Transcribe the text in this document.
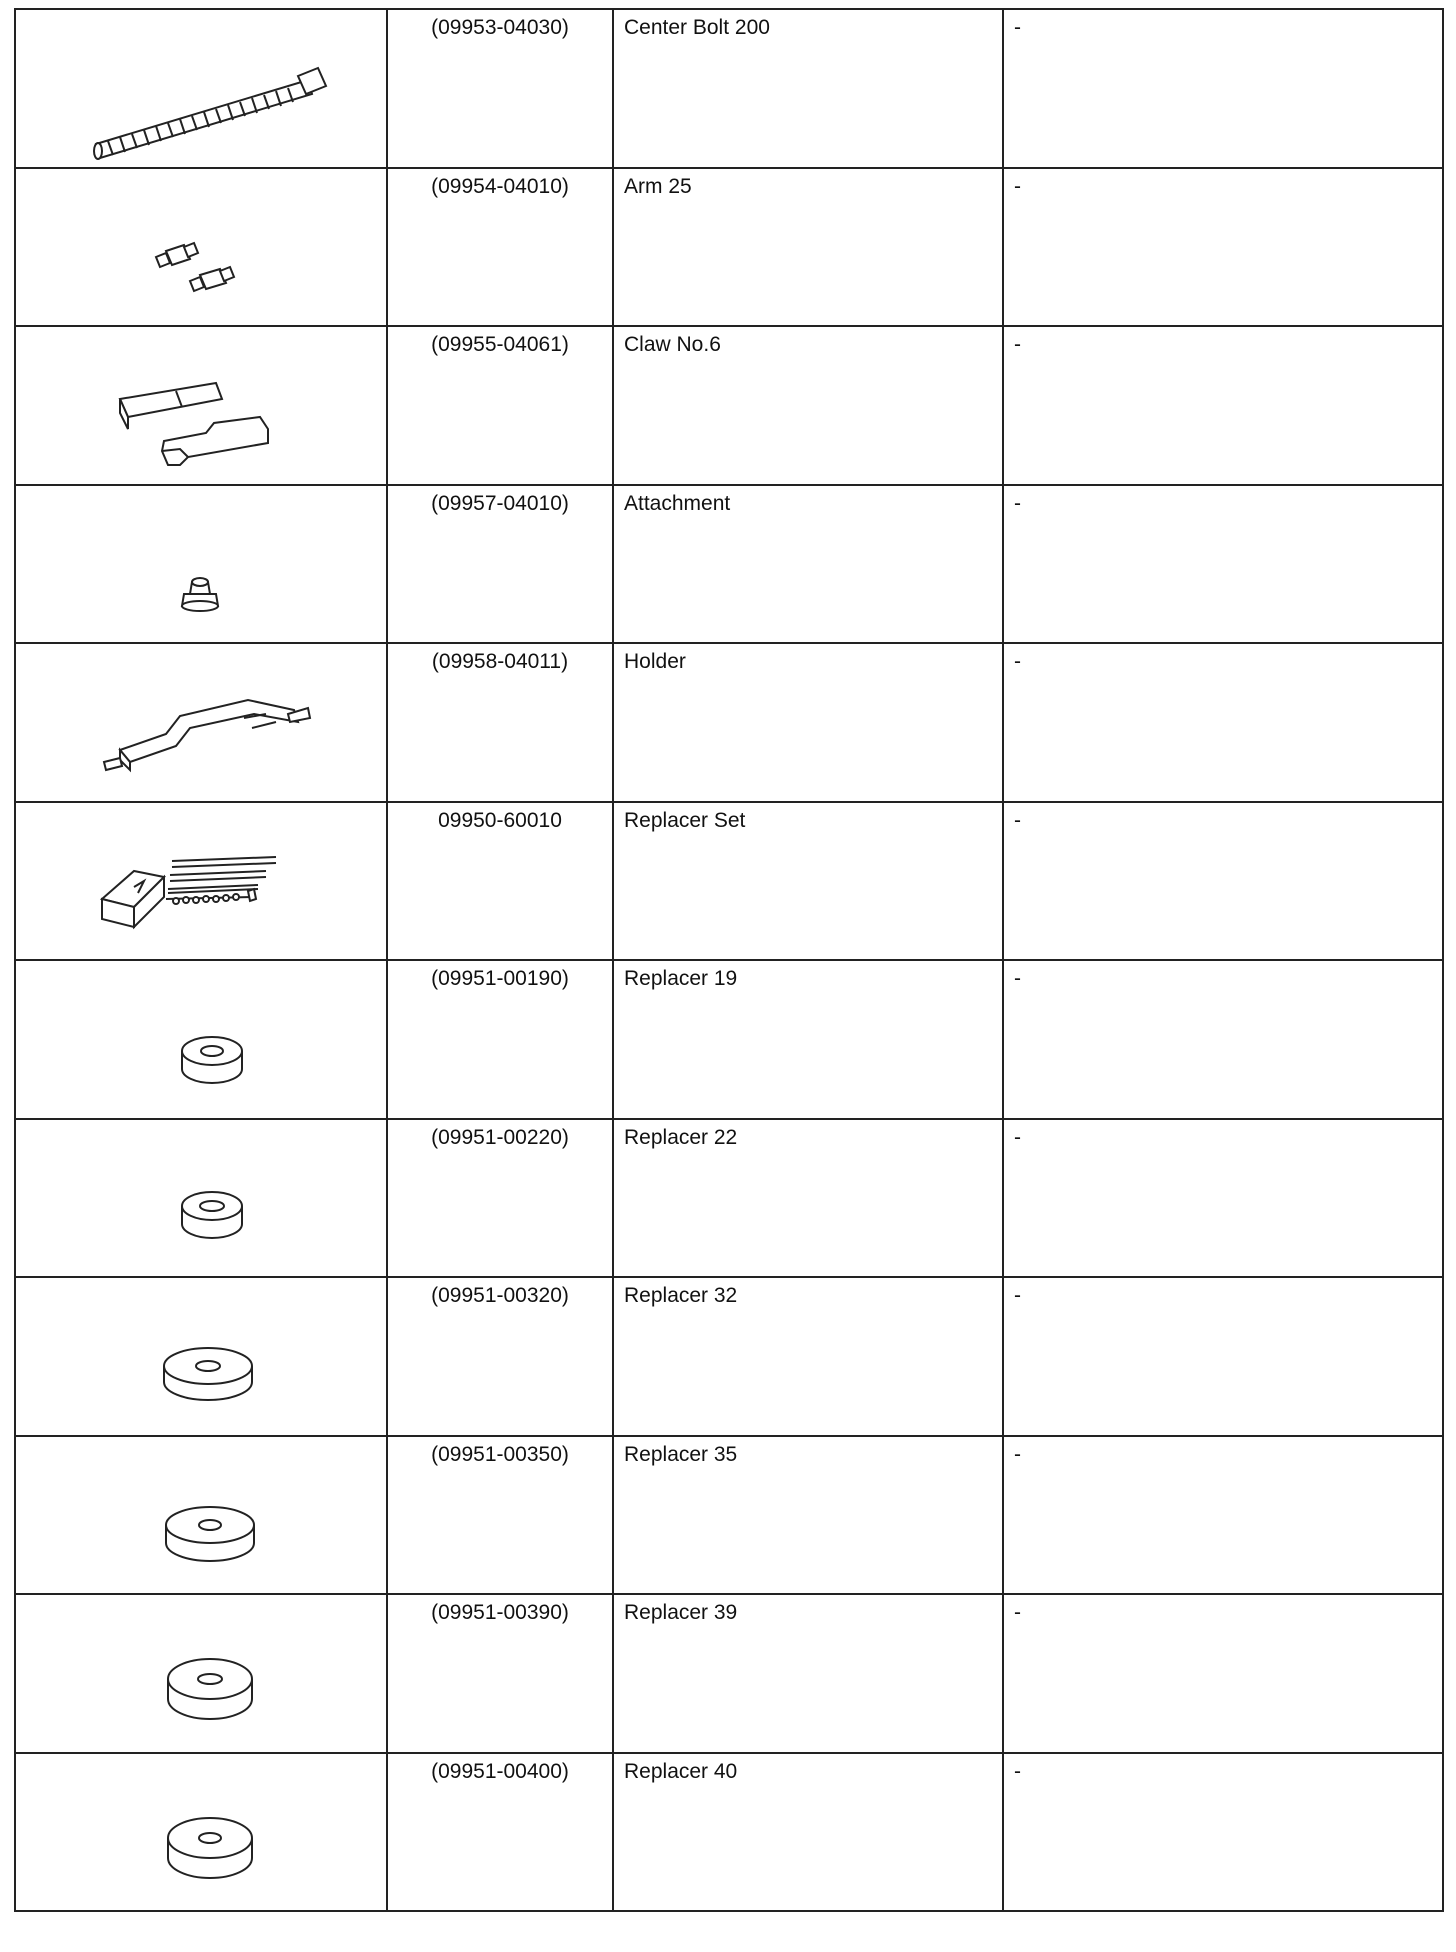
	(09953-04030)	Center Bolt 200	-

	(09954-04010)	Arm 25	-

	(09955-04061)	Claw No.6	-

	(09957-04010)	Attachment	-

	(09958-04011)	Holder	-

	09950-60010	Replacer Set	-

	(09951-00190)	Replacer 19	-

	(09951-00220)	Replacer 22	-

	(09951-00320)	Replacer 32	-

	(09951-00350)	Replacer 35	-

	(09951-00390)	Replacer 39	-

	(09951-00400)	Replacer 40	-
